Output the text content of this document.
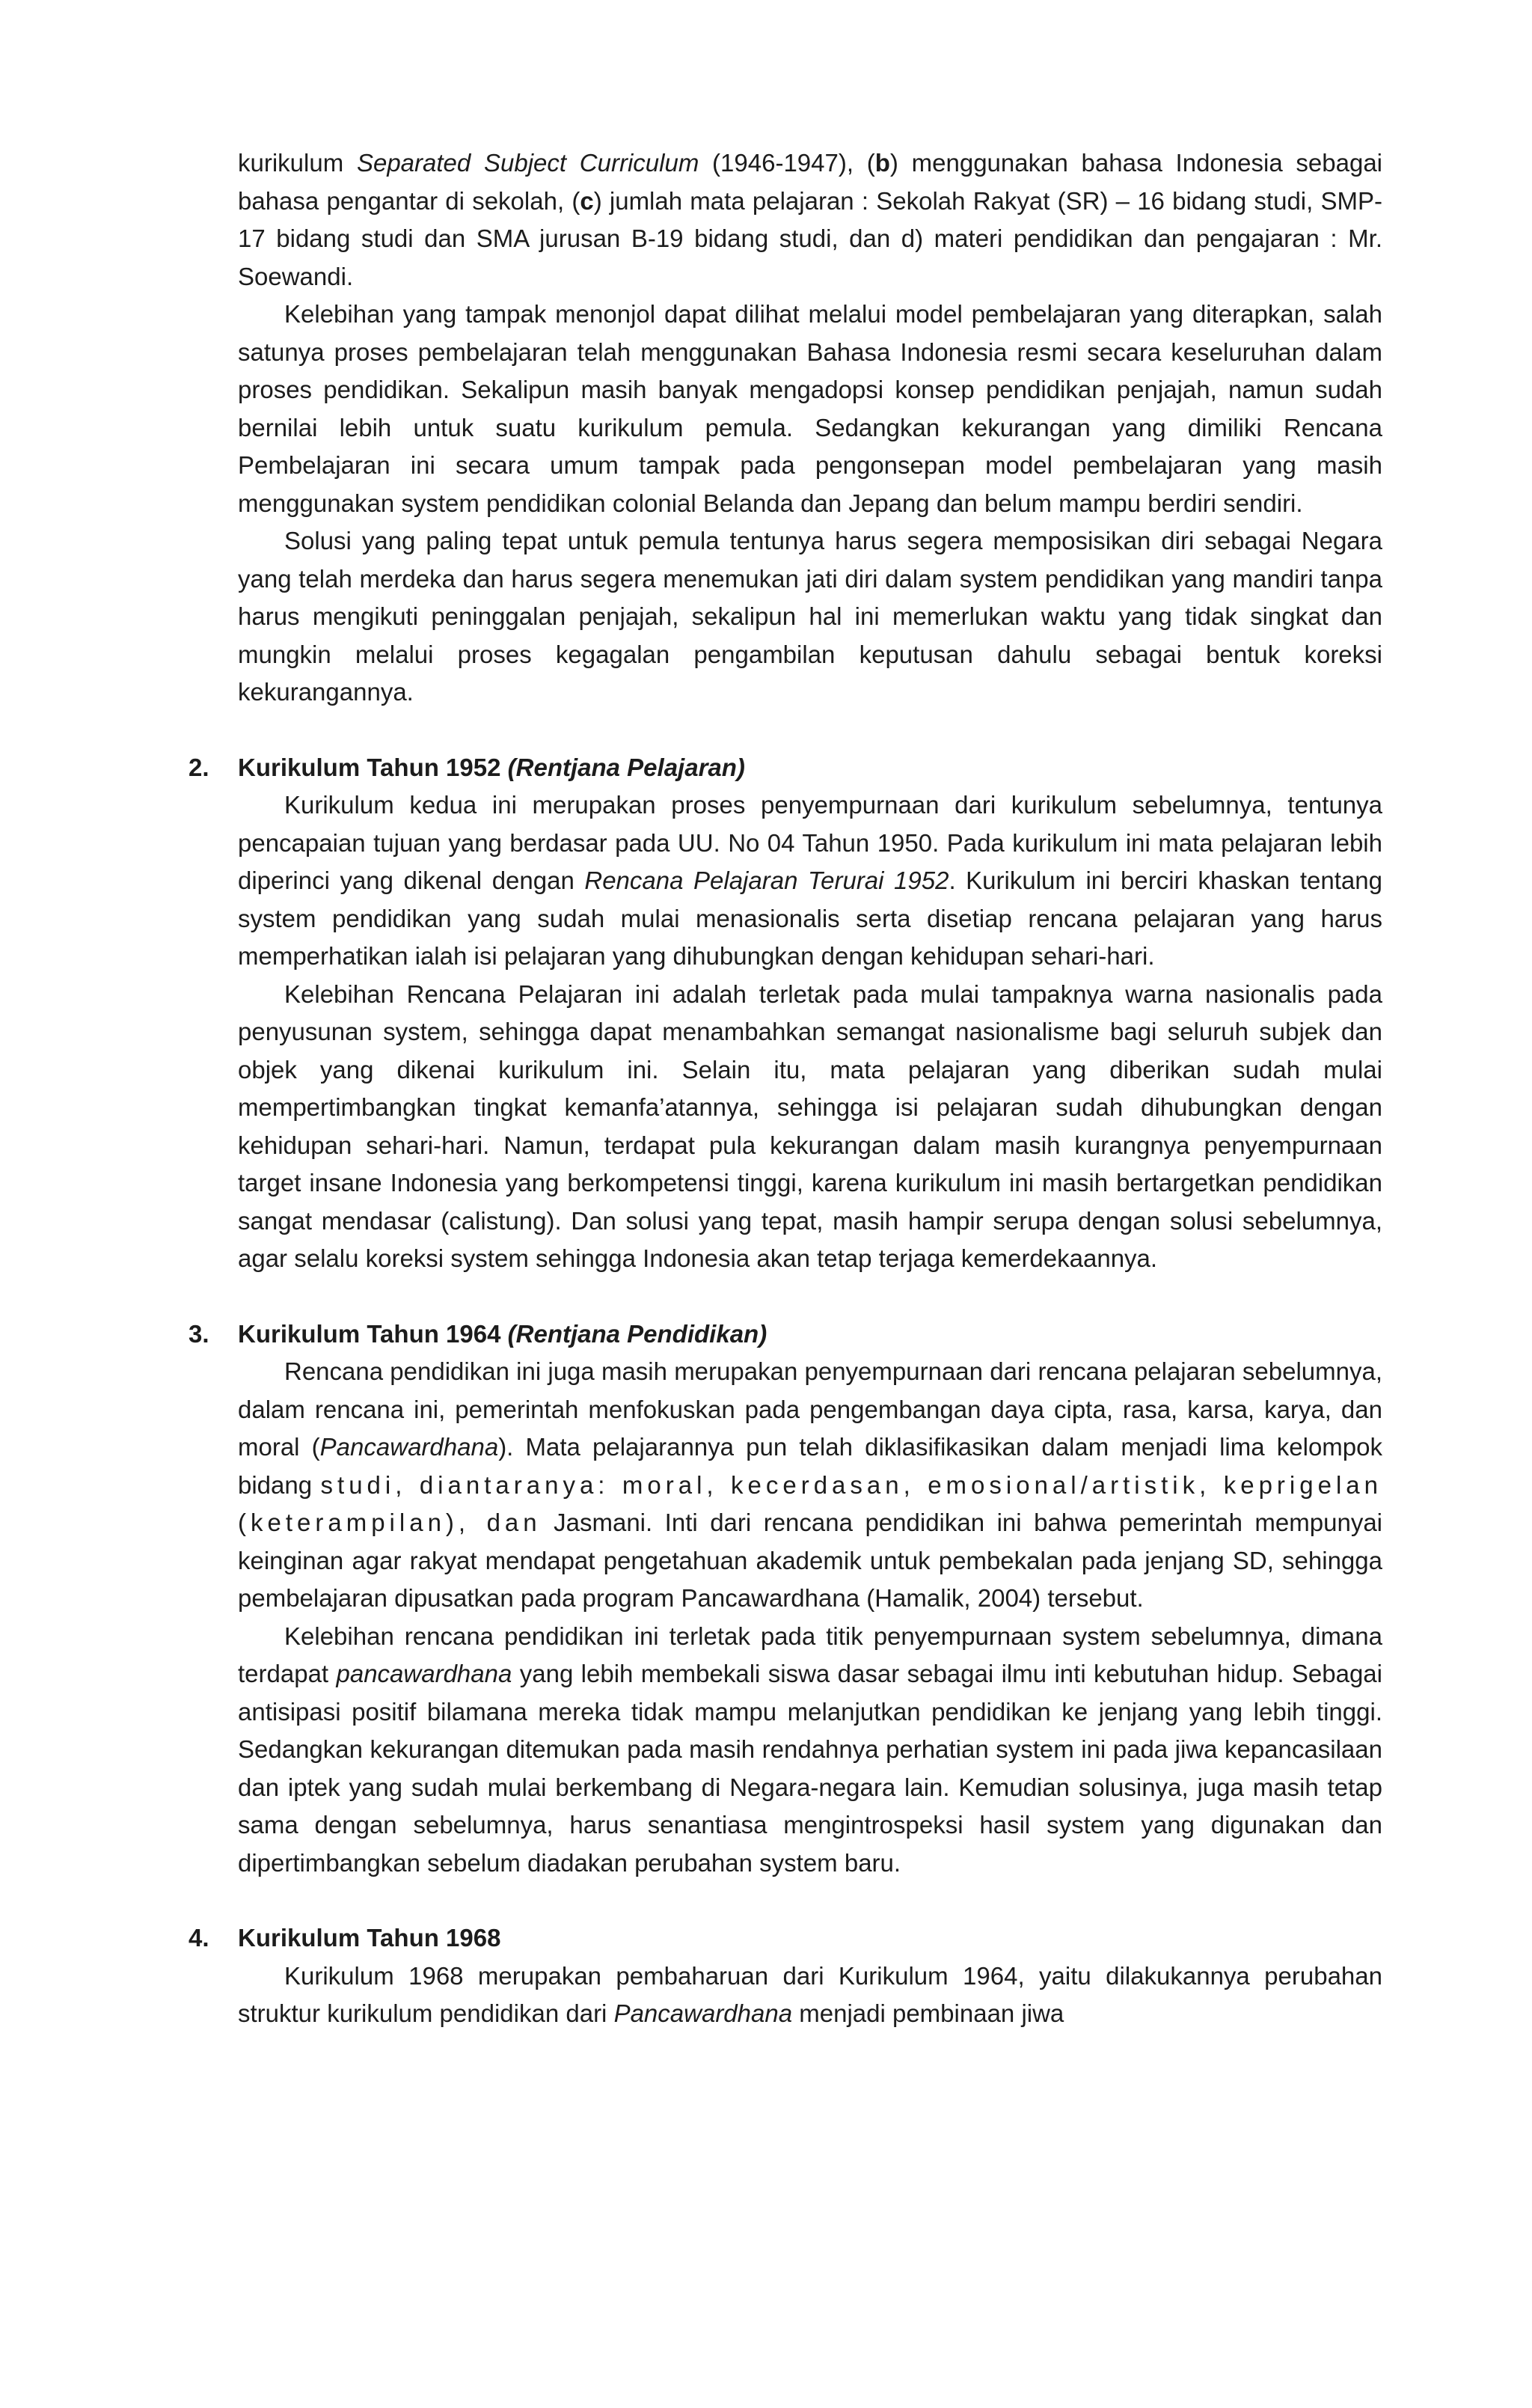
kurikulum Separated Subject Curriculum (1946-1947), (b) menggunakan bahasa Indonesia sebagai bahasa pengantar di sekolah, (c) jumlah mata pelajaran : Sekolah Rakyat (SR) – 16 bidang studi, SMP-17 bidang studi dan SMA jurusan B-19 bidang studi, dan d) materi pendidikan dan pengajaran : Mr. Soewandi.

Kelebihan yang tampak menonjol dapat dilihat melalui model pembelajaran yang diterapkan, salah satunya proses pembelajaran telah menggunakan Bahasa Indonesia resmi secara keseluruhan dalam proses pendidikan. Sekalipun masih banyak mengadopsi konsep pendidikan penjajah, namun sudah bernilai lebih untuk suatu kurikulum pemula. Sedangkan kekurangan yang dimiliki Rencana Pembelajaran ini secara umum tampak pada pengonsepan model pembelajaran yang masih menggunakan system pendidikan colonial Belanda dan Jepang dan belum mampu berdiri sendiri.

Solusi yang paling tepat untuk pemula tentunya harus segera memposisikan diri sebagai Negara yang telah merdeka dan harus segera menemukan jati diri dalam system pendidikan yang mandiri tanpa harus mengikuti peninggalan penjajah, sekalipun hal ini memerlukan waktu yang tidak singkat dan mungkin melalui proses kegagalan pengambilan keputusan dahulu sebagai bentuk koreksi kekurangannya.

2. Kurikulum Tahun 1952 (Rentjana Pelajaran)

Kurikulum kedua ini merupakan proses penyempurnaan dari kurikulum sebelumnya, tentunya pencapaian tujuan yang berdasar pada UU. No 04 Tahun 1950. Pada kurikulum ini mata pelajaran lebih diperinci yang dikenal dengan Rencana Pelajaran Terurai 1952. Kurikulum ini berciri khaskan tentang system pendidikan yang sudah mulai menasionalis serta disetiap rencana pelajaran yang harus memperhatikan ialah isi pelajaran yang dihubungkan dengan kehidupan sehari-hari.

Kelebihan Rencana Pelajaran ini adalah terletak pada mulai tampaknya warna nasionalis pada penyusunan system, sehingga dapat menambahkan semangat nasionalisme bagi seluruh subjek dan objek yang dikenai kurikulum ini. Selain itu, mata pelajaran yang diberikan sudah mulai mempertimbangkan tingkat kemanfa’atannya, sehingga isi pelajaran sudah dihubungkan dengan kehidupan sehari-hari. Namun, terdapat pula kekurangan dalam masih kurangnya penyempurnaan target insane Indonesia yang berkompetensi tinggi, karena kurikulum ini masih bertargetkan pendidikan sangat mendasar (calistung). Dan solusi yang tepat, masih hampir serupa dengan solusi sebelumnya, agar selalu koreksi system sehingga Indonesia akan tetap terjaga kemerdekaannya.

3. Kurikulum Tahun 1964 (Rentjana Pendidikan)

Rencana pendidikan ini juga masih merupakan penyempurnaan dari rencana pelajaran sebelumnya, dalam rencana ini, pemerintah menfokuskan pada pengembangan daya cipta, rasa, karsa, karya, dan moral (Pancawardhana). Mata pelajarannya pun telah diklasifikasikan dalam menjadi lima kelompok bidang studi, diantaranya: moral, kecerdasan, emosional/artistik, keprigelan (keterampilan), dan Jasmani. Inti dari rencana pendidikan ini bahwa pemerintah mempunyai keinginan agar rakyat mendapat pengetahuan akademik untuk pembekalan pada jenjang SD, sehingga pembelajaran dipusatkan pada program Pancawardhana (Hamalik, 2004) tersebut.

Kelebihan rencana pendidikan ini terletak pada titik penyempurnaan system sebelumnya, dimana terdapat pancawardhana yang lebih membekali siswa dasar sebagai ilmu inti kebutuhan hidup. Sebagai antisipasi positif bilamana mereka tidak mampu melanjutkan pendidikan ke jenjang yang lebih tinggi. Sedangkan kekurangan ditemukan pada masih rendahnya perhatian system ini pada jiwa kepancasilaan dan iptek yang sudah mulai berkembang di Negara-negara lain. Kemudian solusinya, juga masih tetap sama dengan sebelumnya, harus senantiasa mengintrospeksi hasil system yang digunakan dan dipertimbangkan sebelum diadakan perubahan system baru.

4. Kurikulum Tahun 1968

Kurikulum 1968 merupakan pembaharuan dari Kurikulum 1964, yaitu dilakukannya perubahan struktur kurikulum pendidikan dari Pancawardhana menjadi pembinaan jiwa
